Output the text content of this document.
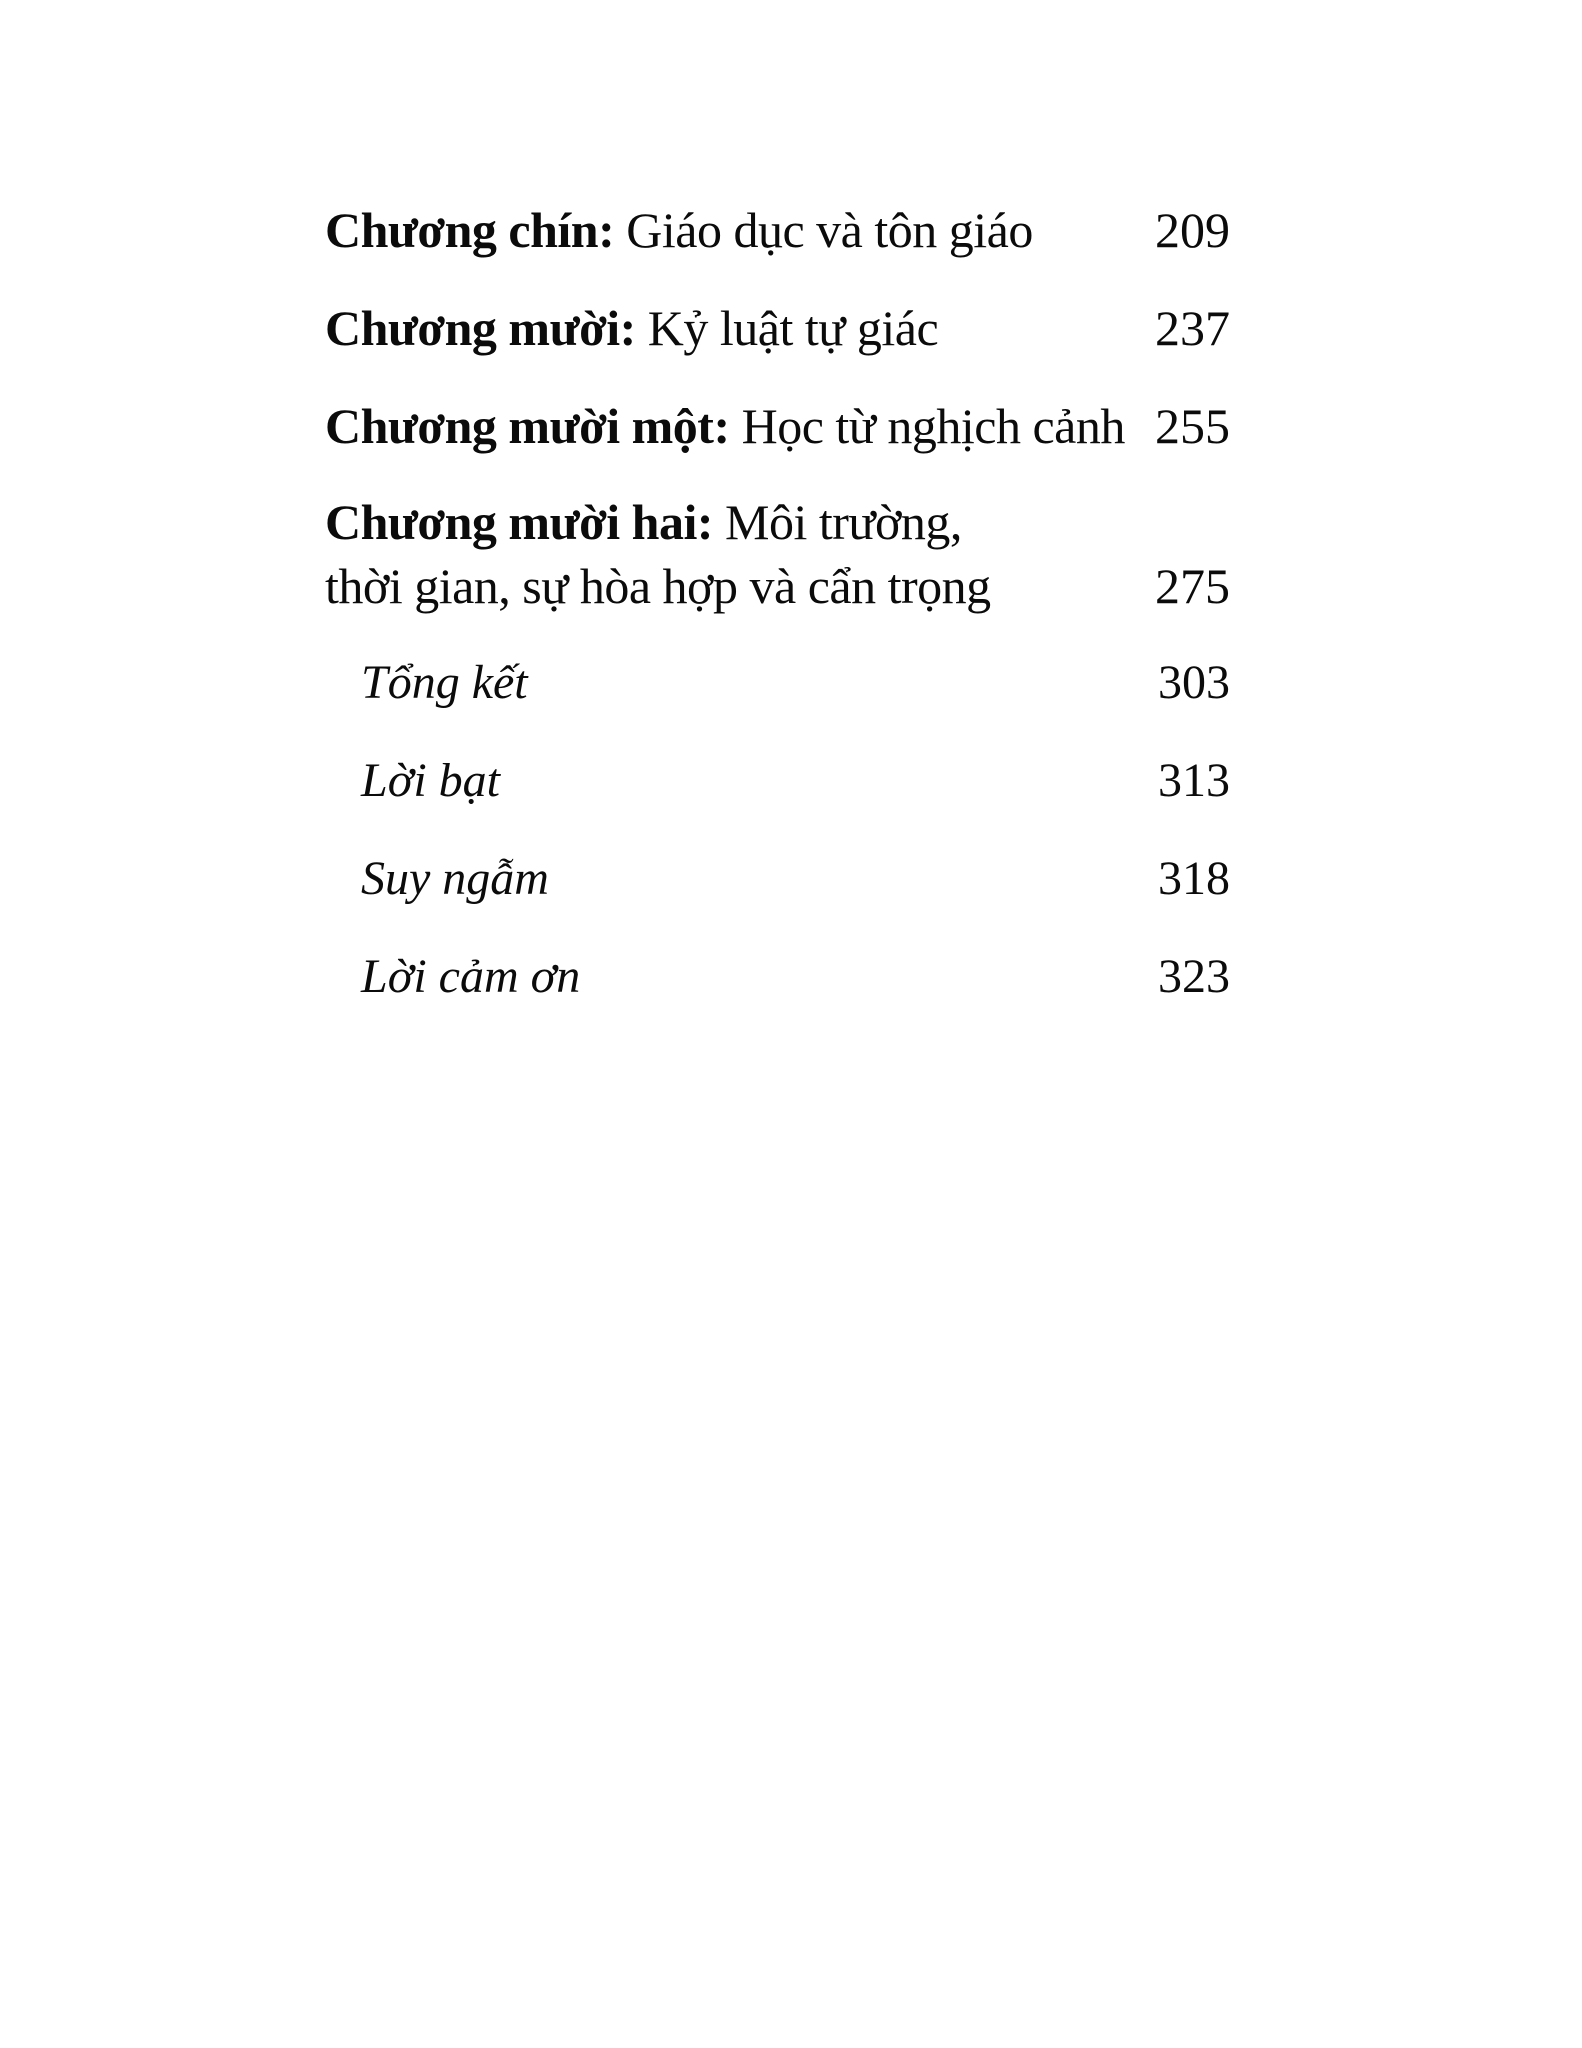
Chương chín: Giáo dục và tôn giáo 209
Chương mười: Kỷ luật tự giác	237
Chương mười một: Học từ nghịch cảnh 255
Chương mười hai: Môi trường,
thời gian, sự hòa hợp và cẩn trọng	275
Tổng kết	303
Lời bạt	313
Suy ngẫm	318
Lời cảm ơn	323
